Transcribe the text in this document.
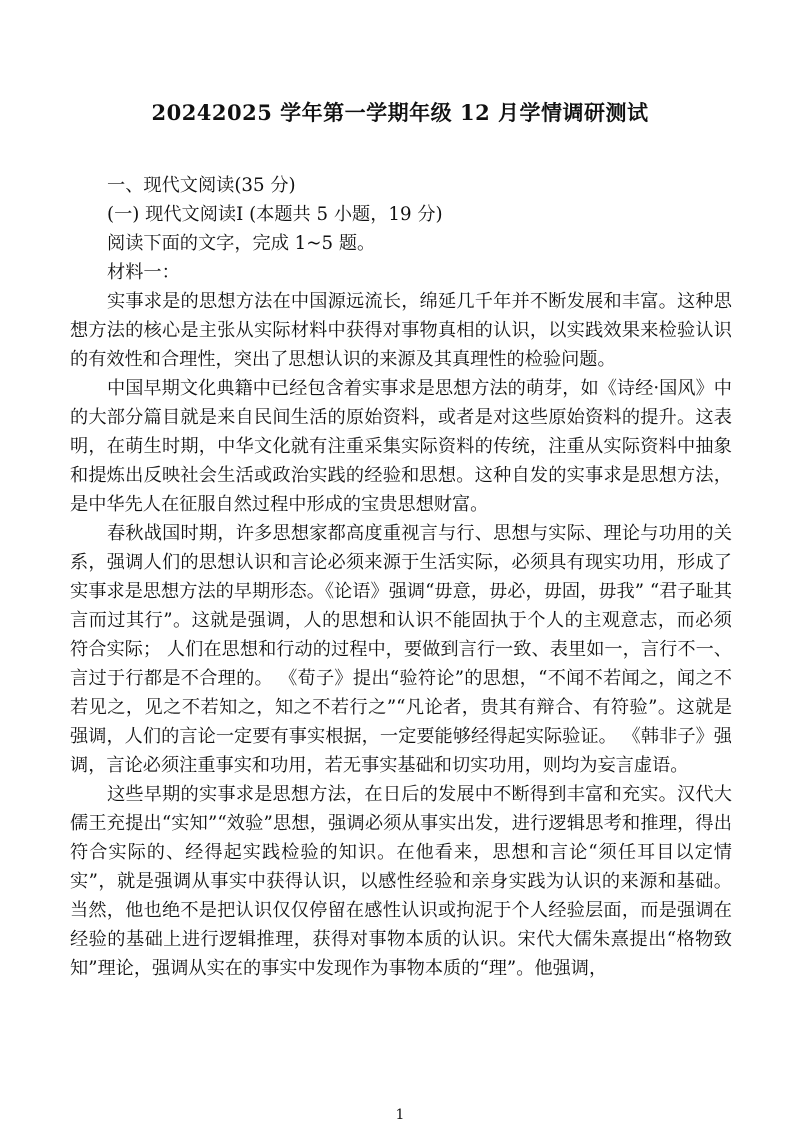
20242025 学年第一学期年级 12 月学情调研测试

一、现代文阅读(35 分)

(一) 现代文阅读I (本题共 5 小题，19 分)

阅读下面的文字，完成 1~5 题。

材料一：

实事求是的思想方法在中国源远流长，绵延几千年并不断发展和丰富。这种思想方法的核心是主张从实际材料中获得对事物真相的认识，以实践效果来检验认识的有效性和合理性，突出了思想认识的来源及其真理性的检验问题。

中国早期文化典籍中已经包含着实事求是思想方法的萌芽，如《诗经·国风》中的大部分篇目就是来自民间生活的原始资料，或者是对这些原始资料的提升。这表明，在萌生时期，中华文化就有注重采集实际资料的传统，注重从实际资料中抽象和提炼出反映社会生活或政治实践的经验和思想。这种自发的实事求是思想方法，是中华先人在征服自然过程中形成的宝贵思想财富。

春秋战国时期，许多思想家都高度重视言与行、思想与实际、理论与功用的关系，强调人们的思想认识和言论必须来源于生活实际，必须具有现实功用，形成了实事求是思想方法的早期形态。《论语》强调“毋意，毋必，毋固，毋我” “君子耻其言而过其行”。这就是强调，人的思想和认识不能固执于个人的主观意志，而必须符合实际； 人们在思想和行动的过程中，要做到言行一致、表里如一，言行不一、言过于行都是不合理的。 《荀子》提出“验符论”的思想，“不闻不若闻之，闻之不若见之，见之不若知之，知之不若行之”“凡论者，贵其有辩合、有符验”。这就是强调，人们的言论一定要有事实根据，一定要能够经得起实际验证。 《韩非子》强调，言论必须注重事实和功用，若无事实基础和切实功用，则均为妄言虚语。

这些早期的实事求是思想方法，在日后的发展中不断得到丰富和充实。汉代大儒王充提出“实知”“效验”思想，强调必须从事实出发，进行逻辑思考和推理，得出符合实际的、经得起实践检验的知识。在他看来，思想和言论“须任耳目以定情实”，就是强调从事实中获得认识，以感性经验和亲身实践为认识的来源和基础。当然，他也绝不是把认识仅仅停留在感性认识或拘泥于个人经验层面，而是强调在经验的基础上进行逻辑推理，获得对事物本质的认识。宋代大儒朱熹提出“格物致知”理论，强调从实在的事实中发现作为事物本质的“理”。他强调，

1
